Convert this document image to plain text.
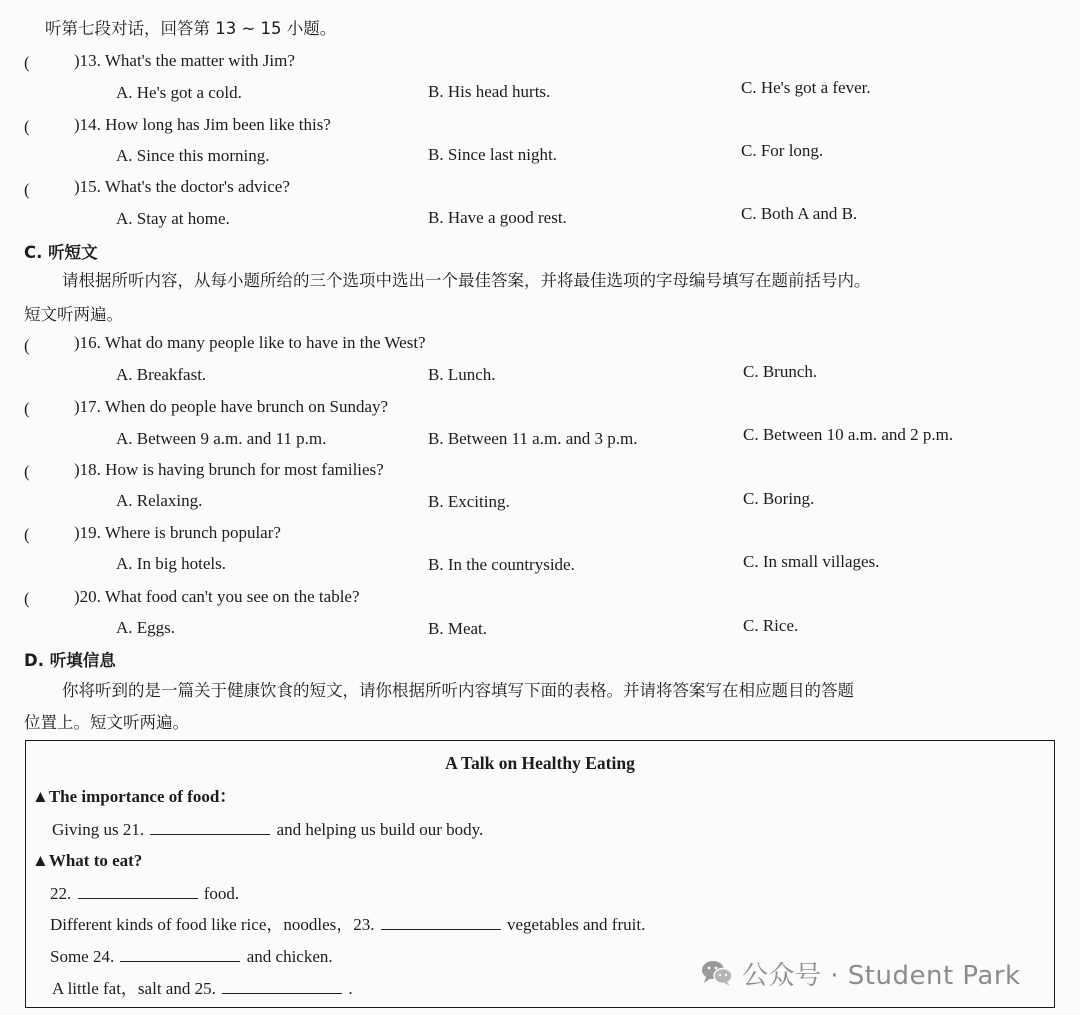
听第七段对话，回答第 13 ~ 15 小题。
(	)13. What's the matter with Jim?
A. He's got a cold.	B. His head hurts.	C. He's got a fever.
(	)14. How long has Jim been like this?
A. Since this morning.	B. Since last night.	C. For long.
(	)15. What's the doctor's advice?
A. Stay at home.	B. Have a good rest.	C. Both A and B.
C. 听短文
请根据所听内容，从每小题所给的三个选项中选出一个最佳答案，并将最佳选项的字母编号填写在题前括号内。
短文听两遍。
(	)16. What do many people like to have in the West?
A. Breakfast.	B. Lunch.	C. Brunch.
(	)17. When do people have brunch on Sunday?
A. Between 9 a.m. and 11 p.m.	B. Between 11 a.m. and 3 p.m.	C. Between 10 a.m. and 2 p.m.
(	)18. How is having brunch for most families?
A. Relaxing.	B. Exciting.	C. Boring.
(	)19. Where is brunch popular?
A. In big hotels.	B. In the countryside.	C. In small villages.
(	)20. What food can't you see on the table?
A. Eggs.	B. Meat.	C. Rice.
D. 听填信息
你将听到的是一篇关于健康饮食的短文，请你根据所听内容填写下面的表格。并请将答案写在相应题目的答题
位置上。短文听两遍。
A Talk on Healthy Eating
▲The importance of food：
Giving us 21.	and helping us build our body.
▲What to eat?
22.	food.
Different kinds of food like rice，noodles，23.	vegetables and fruit.
Some 24.	and chicken.
A little fat，salt and 25.	.	公众号 · Student Park
